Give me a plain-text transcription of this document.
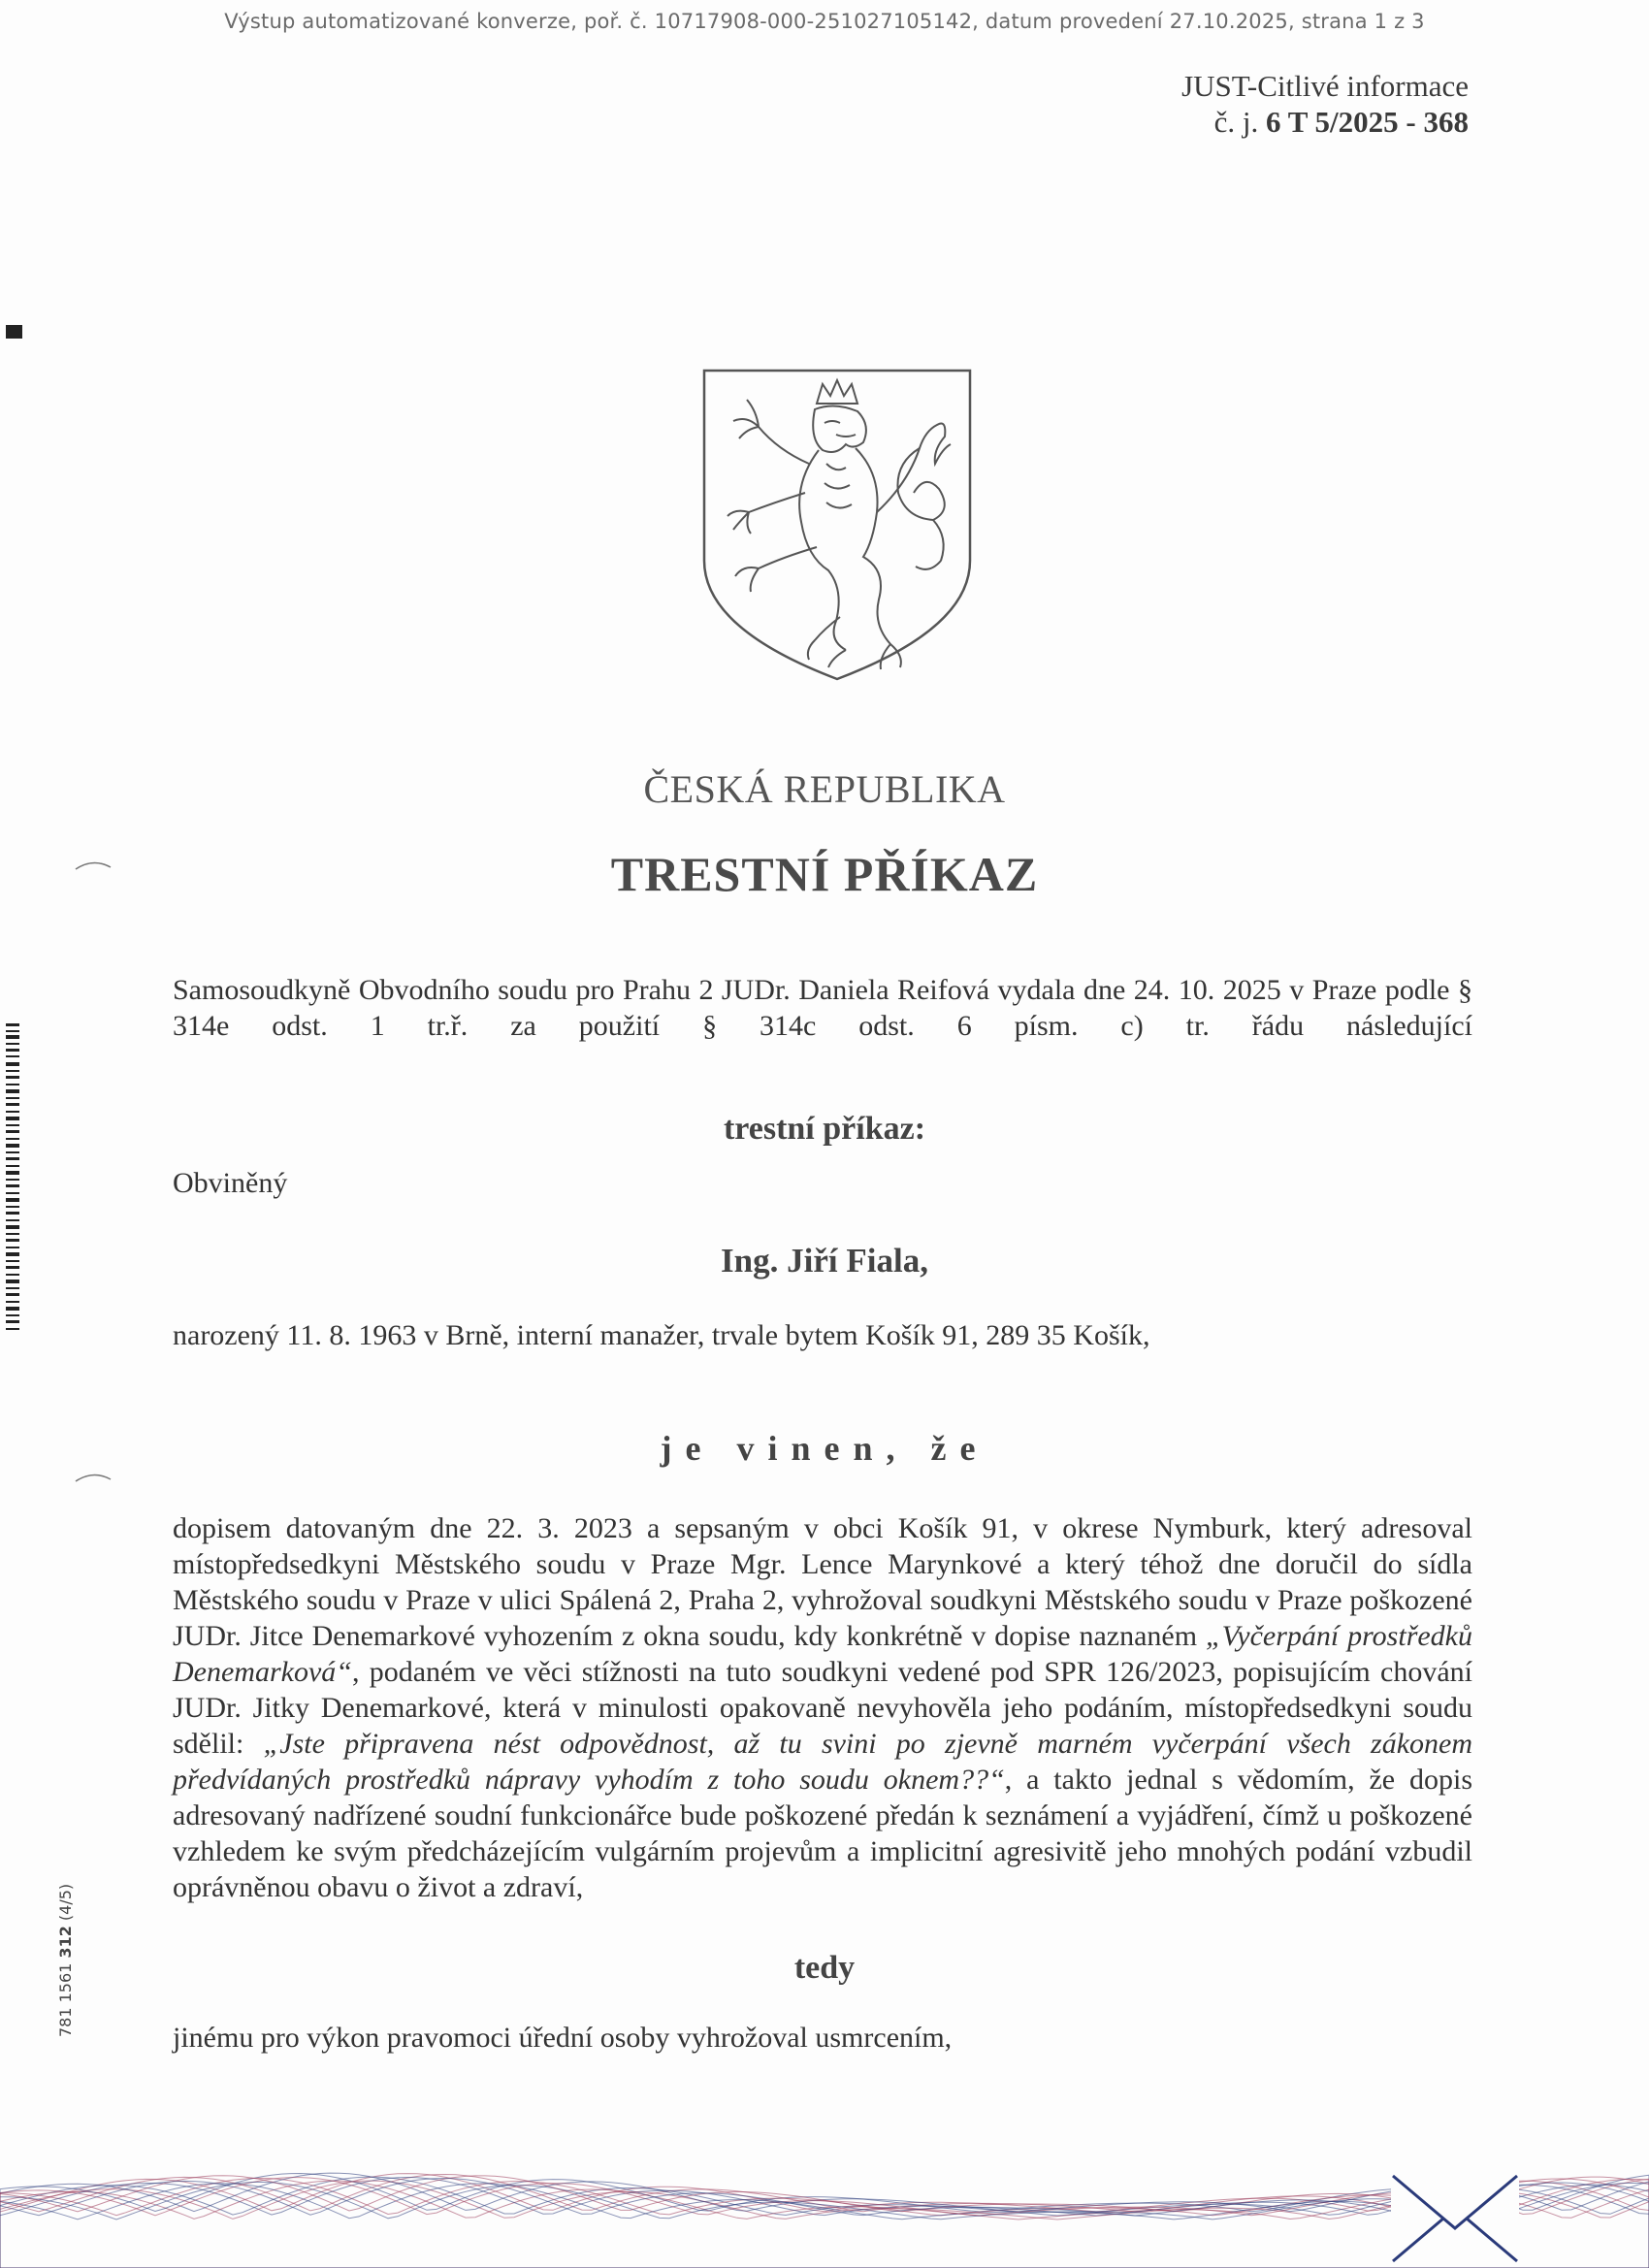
Výstup automatizované konverze, poř. č. 10717908-000-251027105142, datum provedení 27.10.2025, strana 1 z 3
JUST-Citlivé informace
č. j. 6 T 5/2025 - 368
ČESKÁ REPUBLIKA
TRESTNÍ PŘÍKAZ
Samosoudkyně Obvodního soudu pro Prahu 2 JUDr. Daniela Reifová vydala dne 24. 10. 2025 v Praze podle § 314e odst. 1 tr.ř. za použití § 314c odst. 6 písm. c) tr. řádu následující
trestní příkaz:
Obviněný
Ing. Jiří Fiala,
narozený 11. 8. 1963 v Brně, interní manažer, trvale bytem Košík 91, 289 35 Košík,
je vinen, že
dopisem datovaným dne 22. 3. 2023 a sepsaným v obci Košík 91, v okrese Nymburk, který adresoval místopředsedkyni Městského soudu v Praze Mgr. Lence Marynkové a který téhož dne doručil do sídla Městského soudu v Praze v ulici Spálená 2, Praha 2, vyhrožoval soudkyni Městského soudu v Praze poškozené JUDr. Jitce Denemarkové vyhozením z okna soudu, kdy konkrétně v dopise naznaném „Vyčerpání prostředků Denemarková“, podaném ve věci stížnosti na tuto soudkyni vedené pod SPR 126/2023, popisujícím chování JUDr. Jitky Denemarkové, která v minulosti opakovaně nevyhověla jeho podáním, místopředsedkyni soudu sdělil: „Jste připravena nést odpovědnost, až tu svini po zjevně marném vyčerpání všech zákonem předvídaných prostředků nápravy vyhodím z toho soudu oknem??“, a takto jednal s vědomím, že dopis adresovaný nadřízené soudní funkcionářce bude poškozené předán k seznámení a vyjádření, čímž u poškozené vzhledem ke svým předcházejícím vulgárním projevům a implicitní agresivitě jeho mnohých podání vzbudil oprávněnou obavu o život a zdraví,
tedy
jinému pro výkon pravomoci úřední osoby vyhrožoval usmrcením,
781 1561 312 (4/5)
